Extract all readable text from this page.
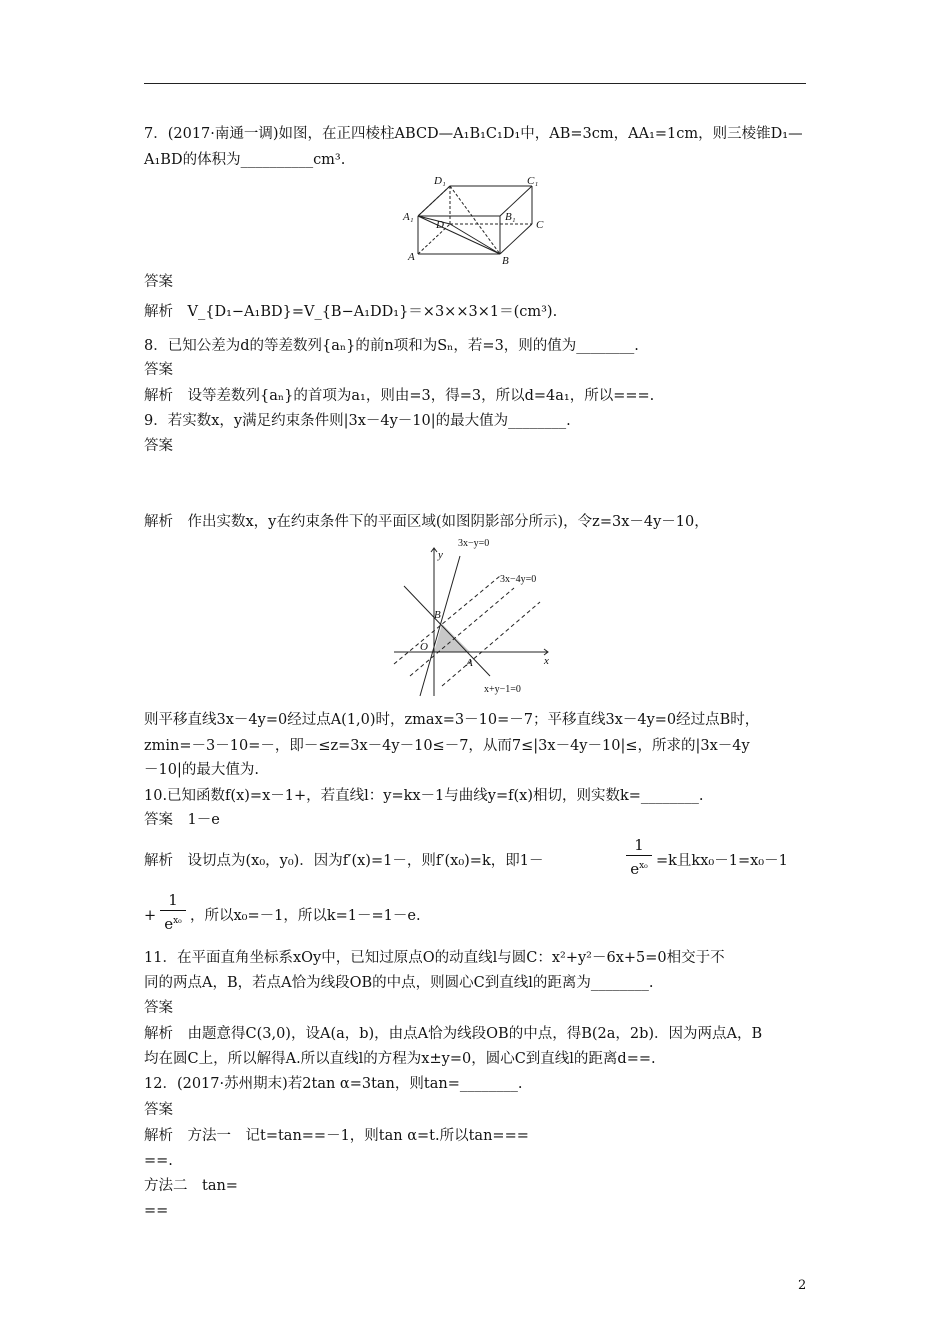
7．(2017·南通一调)如图，在正四棱柱ABCD—A₁B₁C₁D₁中，AB=3cm，AA₁=1cm，则三棱锥D₁—
A₁BD的体积为__________cm³.
D₁	C₁
A₁	B₁
D	C
A	B
答案
解析　V_{D₁−A₁BD}=V_{B−A₁DD₁}＝×3××3×1＝(cm³).
8．已知公差为d的等差数列{aₙ}的前n项和为Sₙ，若=3，则的值为________.
答案
解析　设等差数列{aₙ}的首项为a₁，则由=3，得=3，所以d=4a₁，所以===.
9．若实数x，y满足约束条件则|3x－4y－10|的最大值为________.
答案
解析　作出实数x，y在约束条件下的平面区域(如图阴影部分所示)，令z=3x－4y－10，
y
x
O
A
B
3x−y=0
3x−4y=0
x+y−1=0
则平移直线3x－4y=0经过点A(1,0)时，zmax=3－10=－7；平移直线3x－4y=0经过点B时，
zmin=－3－10=－，即－≤z=3x－4y－10≤－7，从而7≤|3x－4y－10|≤，所求的|3x－4y
－10|的最大值为.
10.已知函数f(x)=x－1+，若直线l：y=kx－1与曲线y=f(x)相切，则实数k=________.
答案　1－e
解析　设切点为(x₀，y₀)．因为f′(x)=1－，则f′(x₀)=k，即1－
1
$e^{x_0} =k$且kx₀－1=x₀－1
+
1
$e^{x_0}$ ，所以x₀=－1，所以k=1－=1－e.
11．在平面直角坐标系xOy中，已知过原点O的动直线l与圆C：x²+y²－6x+5=0相交于不
同的两点A，B，若点A恰为线段OB的中点，则圆心C到直线l的距离为________.
答案
解析　由题意得C(3,0)，设A(a，b)，由点A恰为线段OB的中点，得B(2a，2b)．因为两点A，B
均在圆C上，所以解得A.所以直线l的方程为x±y=0，圆心C到直线l的距离d==.
12．(2017·苏州期末)若2tan α=3tan，则tan=________.
答案
解析　方法一　记t=tan==－1，则tan α=t.所以tan===
==.
方法二　tan=
==
2
